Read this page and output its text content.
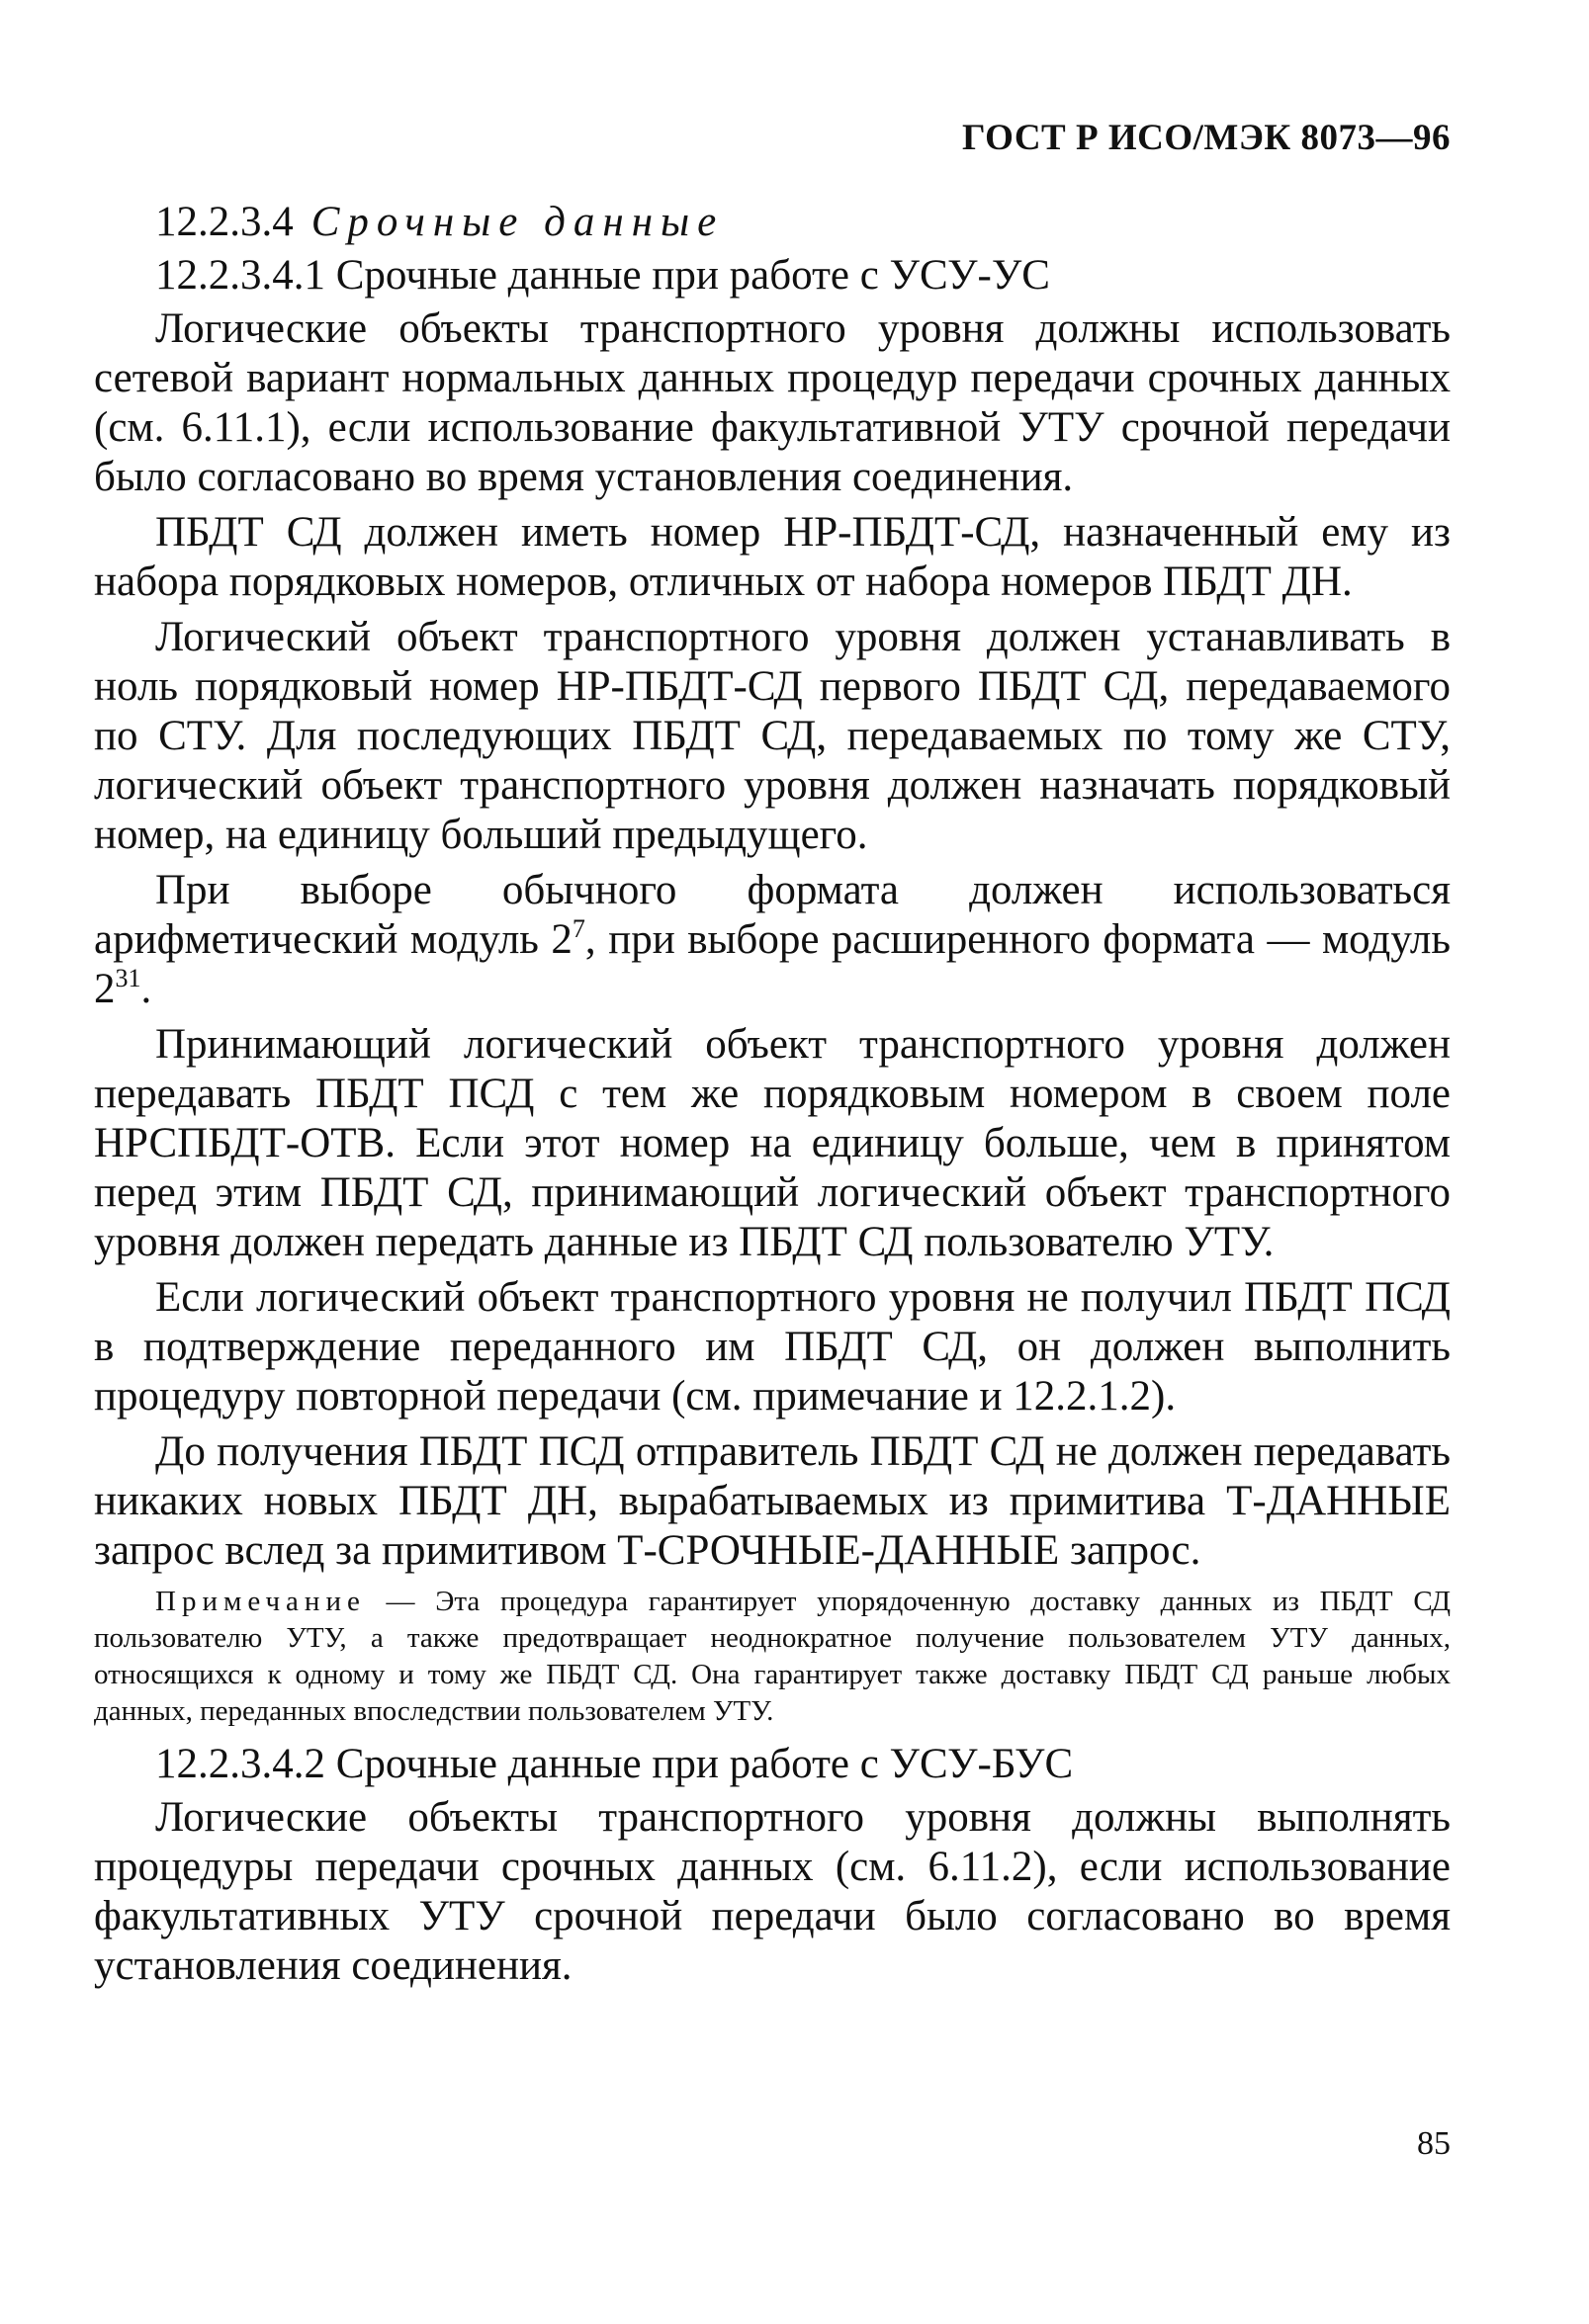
ГОСТ Р ИСО/МЭК 8073—96

12.2.3.4 Срочные данные

12.2.3.4.1 Срочные данные при работе с УСУ-УС

Логические объекты транспортного уровня должны использовать сетевой вариант нормальных данных процедур передачи срочных данных (см. 6.11.1), если использование факультативной УТУ срочной передачи было согласовано во время установления соединения.

ПБДТ СД должен иметь номер НР-ПБДТ-СД, назначенный ему из набора порядковых номеров, отличных от набора номеров ПБДТ ДН.

Логический объект транспортного уровня должен устанавливать в ноль порядковый номер НР-ПБДТ-СД первого ПБДТ СД, передаваемого по СТУ. Для последующих ПБДТ СД, передаваемых по тому же СТУ, логический объект транспортного уровня должен назначать порядковый номер, на единицу больший предыдущего.

При выборе обычного формата должен использоваться арифметический модуль $2^7$, при выборе расширенного формата — модуль $2^{31}$.

Принимающий логический объект транспортного уровня должен передавать ПБДТ ПСД с тем же порядковым номером в своем поле НРСПБДТ-ОТВ. Если этот номер на единицу больше, чем в принятом перед этим ПБДТ СД, принимающий логический объект транспортного уровня должен передать данные из ПБДТ СД пользователю УТУ.

Если логический объект транспортного уровня не получил ПБДТ ПСД в подтверждение переданного им ПБДТ СД, он должен выполнить процедуру повторной передачи (см. примечание и 12.2.1.2).

До получения ПБДТ ПСД отправитель ПБДТ СД не должен передавать никаких новых ПБДТ ДН, вырабатываемых из примитива Т-ДАННЫЕ запрос вслед за примитивом Т-СРОЧНЫЕ-ДАННЫЕ запрос.

Примечание — Эта процедура гарантирует упорядоченную доставку данных из ПБДТ СД пользователю УТУ, а также предотвращает неоднократное получение пользователем УТУ данных, относящихся к одному и тому же ПБДТ СД. Она гарантирует также доставку ПБДТ СД раньше любых данных, переданных впоследствии пользователем УТУ.

12.2.3.4.2 Срочные данные при работе с УСУ-БУС

Логические объекты транспортного уровня должны выполнять процедуры передачи срочных данных (см. 6.11.2), если использование факультативных УТУ срочной передачи было согласовано во время установления соединения.

85
